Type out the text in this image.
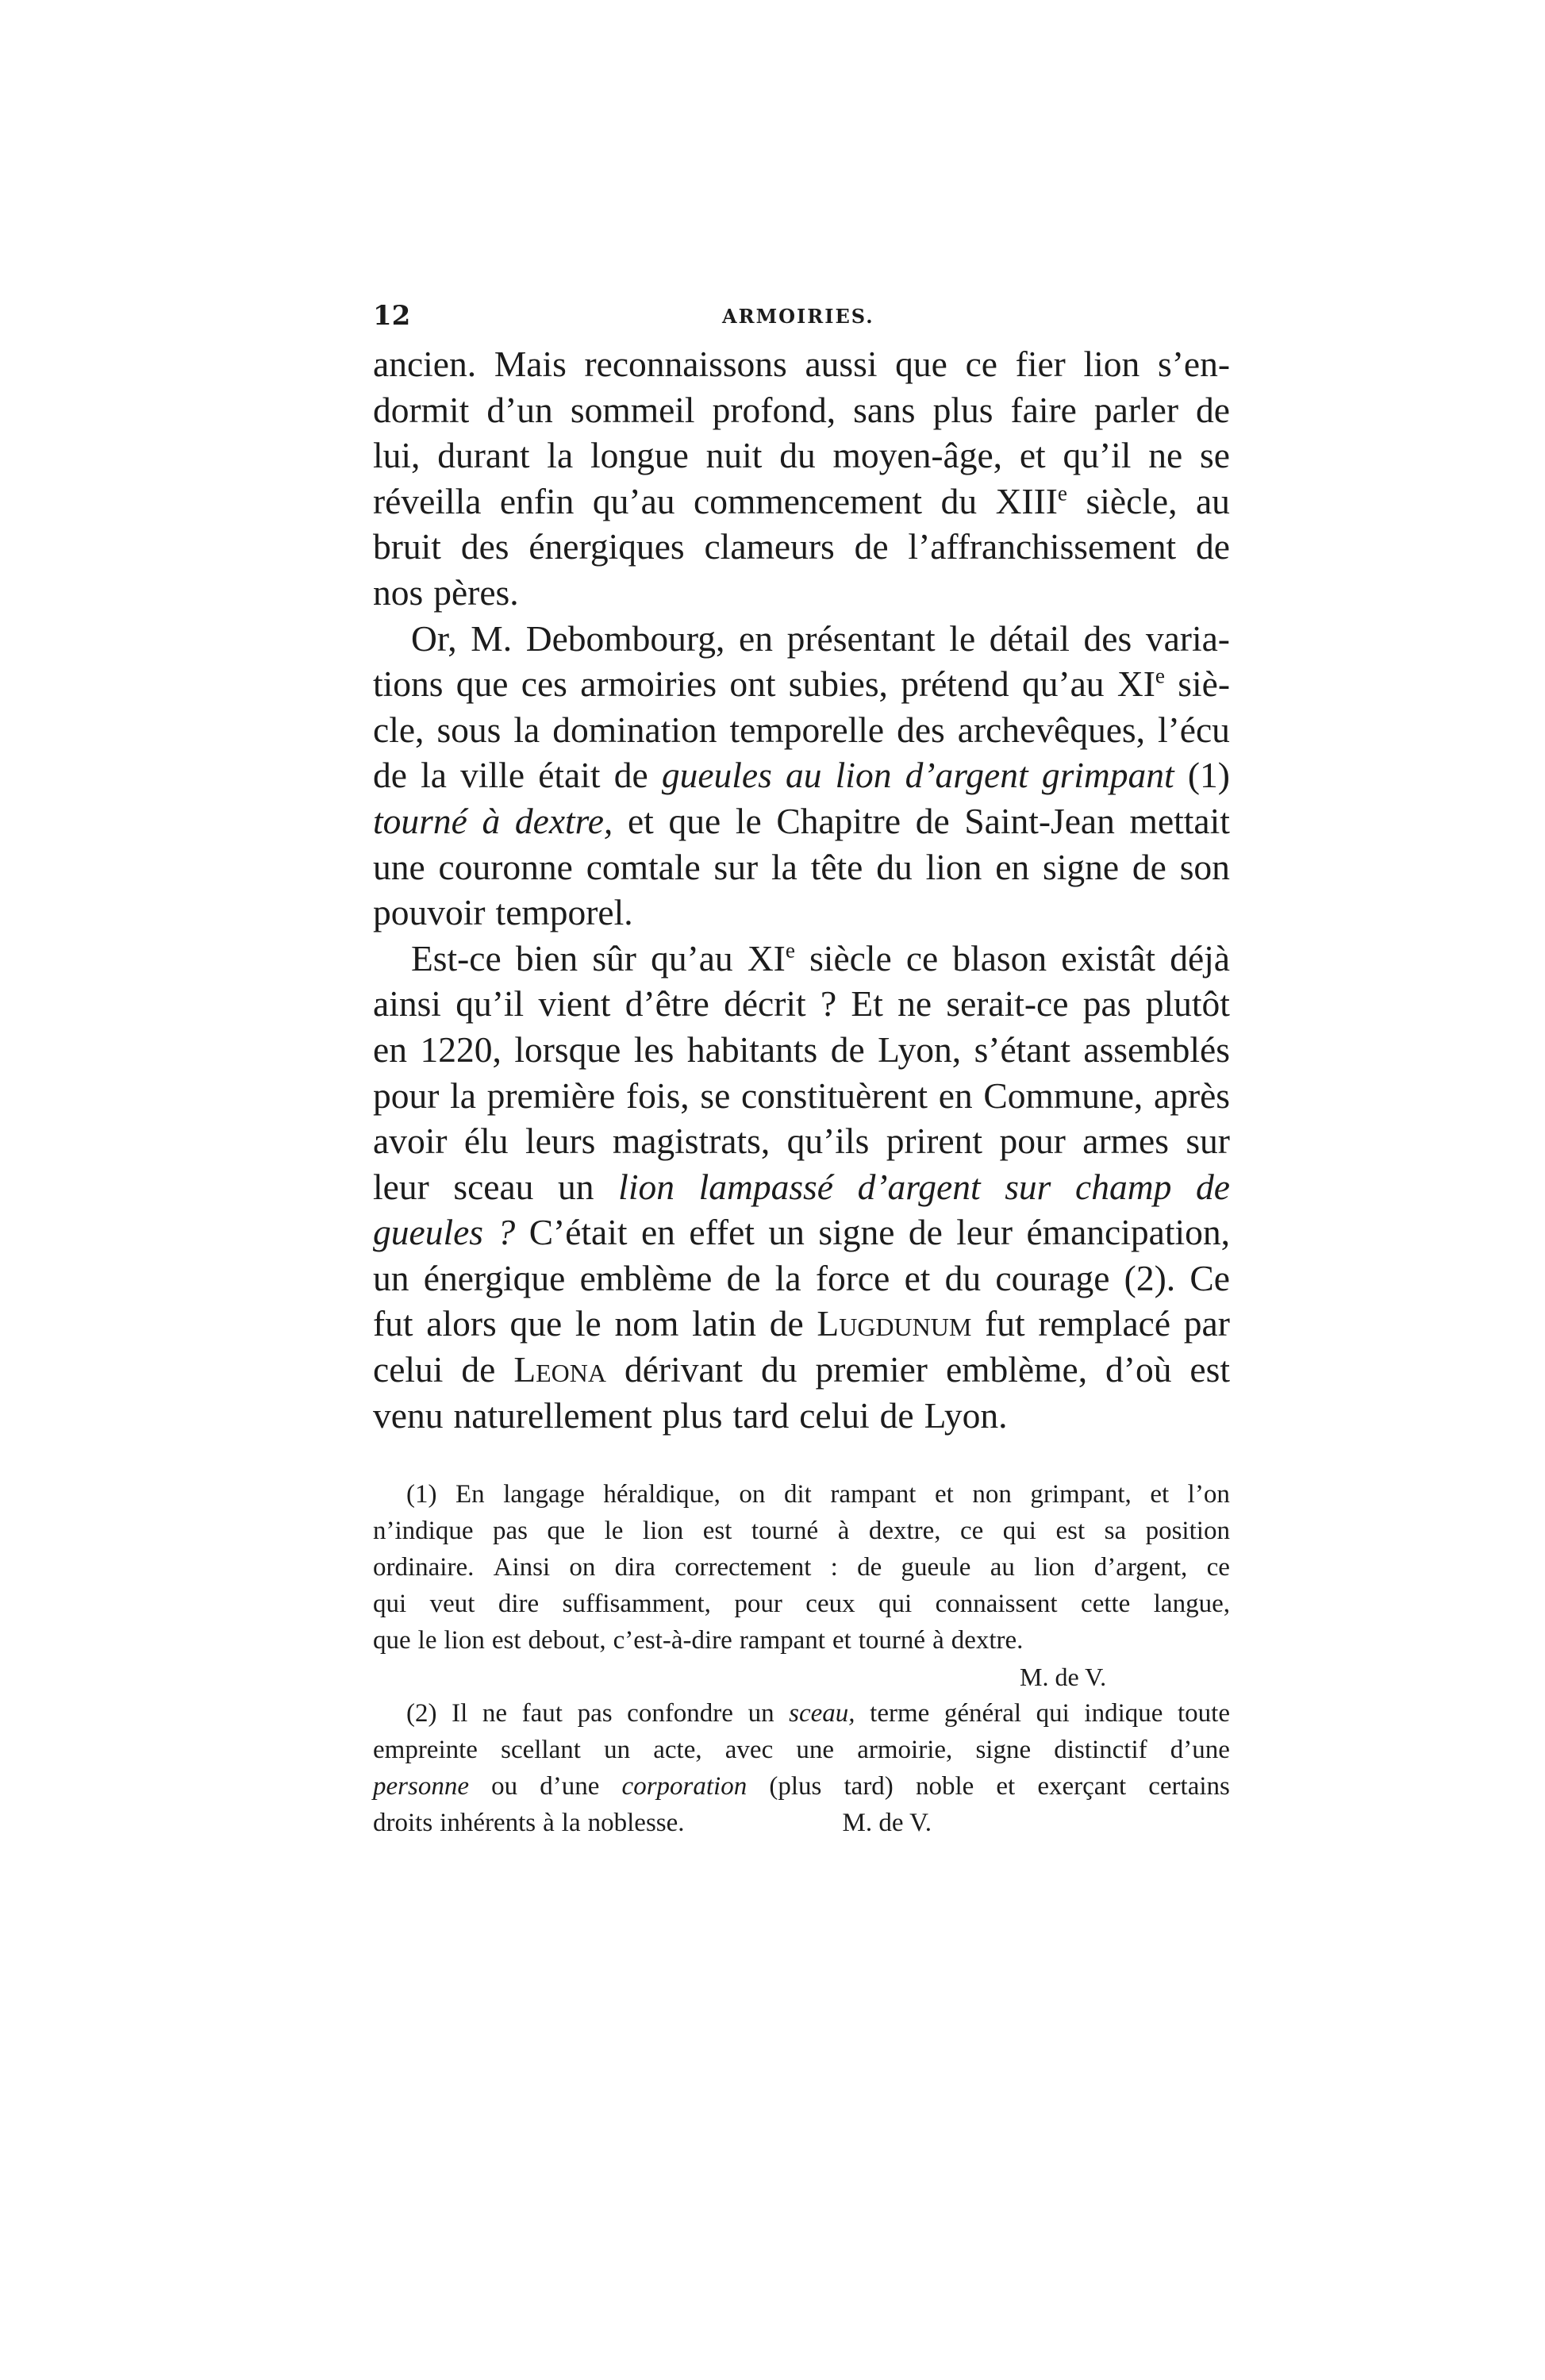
12	ARMOIRIES.
ancien. Mais reconnaissons aussi que ce fier lion s’en-
dormit d’un sommeil profond, sans plus faire parler de
lui, durant la longue nuit du moyen-âge, et qu’il ne se
réveilla enfin qu’au commencement du XIIIe siècle, au
bruit des énergiques clameurs de l’affranchissement de
nos pères.
Or, M. Debombourg, en présentant le détail des varia-
tions que ces armoiries ont subies, prétend qu’au XIe siè-
cle, sous la domination temporelle des archevêques, l’écu
de la ville était de gueules au lion d’argent grimpant (1)
tourné à dextre, et que le Chapitre de Saint-Jean mettait
une couronne comtale sur la tête du lion en signe de son
pouvoir temporel.
Est-ce bien sûr qu’au XIe siècle ce blason existât déjà
ainsi qu’il vient d’être décrit ? Et ne serait-ce pas plutôt
en 1220, lorsque les habitants de Lyon, s’étant assemblés
pour la première fois, se constituèrent en Commune, après
avoir élu leurs magistrats, qu’ils prirent pour armes sur
leur sceau un lion lampassé d’argent sur champ de
gueules ? C’était en effet un signe de leur émancipation,
un énergique emblème de la force et du courage (2). Ce
fut alors que le nom latin de Lugdunum fut remplacé par
celui de Leona dérivant du premier emblème, d’où est
venu naturellement plus tard celui de Lyon.
(1) En langage héraldique, on dit rampant et non grimpant, et l’on
n’indique pas que le lion est tourné à dextre, ce qui est sa position
ordinaire. Ainsi on dira correctement : de gueule au lion d’argent, ce
qui veut dire suffisamment, pour ceux qui connaissent cette langue,
que le lion est debout, c’est-à-dire rampant et tourné à dextre.
M. de V.
(2) Il ne faut pas confondre un sceau, terme général qui indique toute
empreinte scellant un acte, avec une armoirie, signe distinctif d’une
personne ou d’une corporation (plus tard) noble et exerçant certains
droits inhérents à la noblesse.	M. de V.
